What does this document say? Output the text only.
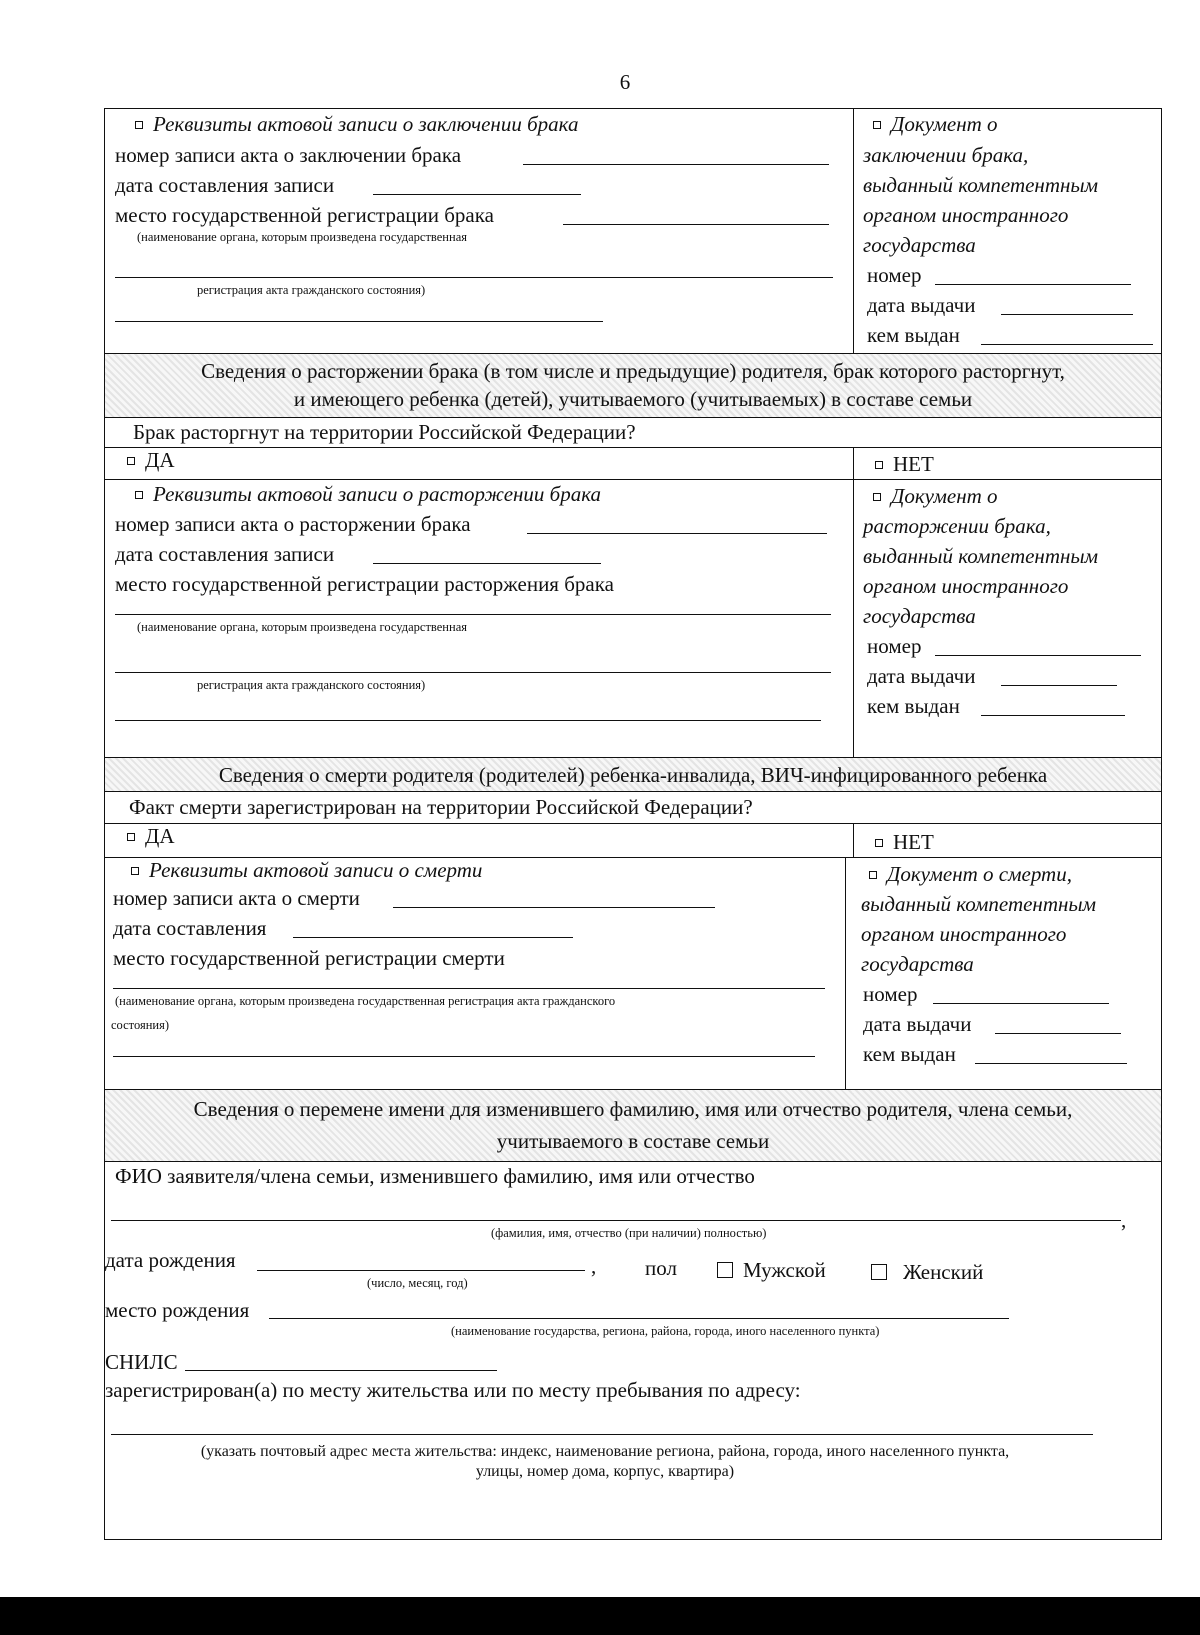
6
Реквизиты актовой записи о заключении брака
номер записи акта о заключении брака
дата составления записи
место государственной регистрации брака
(наименование органа, которым произведена государственная
регистрация акта гражданского состояния)
Документ о
заключении брака,
выданный компетентным
органом иностранного
государства
номер
дата выдачи
кем выдан
Сведения о расторжении брака (в том числе и предыдущие) родителя, брак которого расторгнут,
и имеющего ребенка (детей), учитываемого (учитываемых) в составе семьи
Брак расторгнут на территории Российской Федерации?
ДА	НЕТ
Реквизиты актовой записи о расторжении брака
номер записи акта о расторжении брака
дата составления записи
место государственной регистрации расторжения брака
(наименование органа, которым произведена государственная
регистрация акта гражданского состояния)
Документ о
расторжении брака,
выданный компетентным
органом иностранного
государства
номер
дата выдачи
кем выдан
Сведения о смерти родителя (родителей) ребенка-инвалида, ВИЧ-инфицированного ребенка
Факт смерти зарегистрирован на территории Российской Федерации?
ДА	НЕТ
Реквизиты актовой записи о смерти
номер записи акта о смерти
дата составления
место государственной регистрации смерти
(наименование органа, которым произведена государственная регистрация акта гражданского
состояния)
Документ о смерти,
выданный компетентным
органом иностранного
государства
номер
дата выдачи
кем выдан
Сведения о перемене имени для изменившего фамилию, имя или отчество родителя, члена семьи,
учитываемого в составе семьи
ФИО заявителя/члена семьи, изменившего фамилию, имя или отчество
,
(фамилия, имя, отчество (при наличии) полностью)
дата рождения	,
(число, месяц, год)
пол	Мужской	Женский
место рождения
(наименование государства, региона, района, города, иного населенного пункта)
СНИЛС
зарегистрирован(а) по месту жительства или по месту пребывания по адресу:
(указать почтовый адрес места жительства: индекс, наименование региона, района, города, иного населенного пункта,
улицы, номер дома, корпус, квартира)
